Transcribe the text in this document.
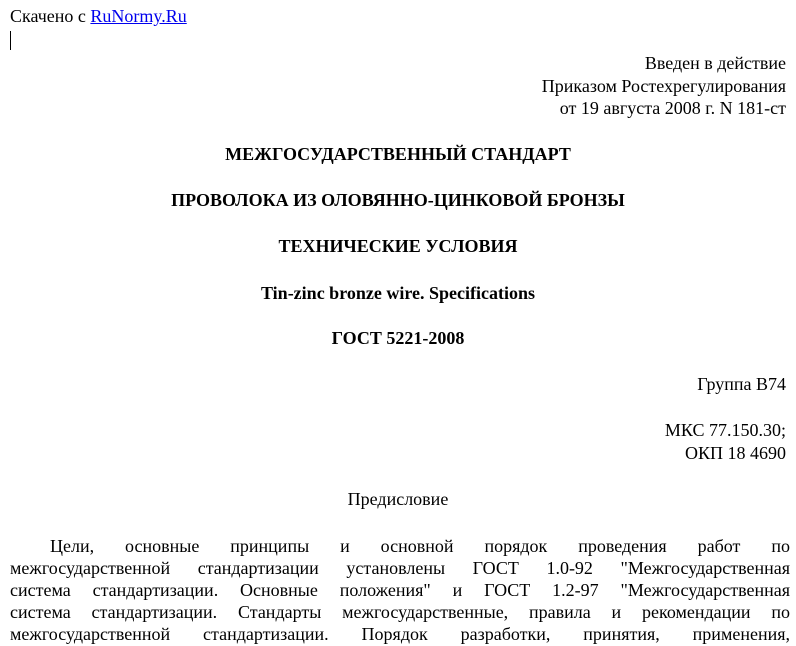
Скачено с RuNormy.Ru
Введен в действие
Приказом Ростехрегулирования
от 19 августа 2008 г. N 181-ст
МЕЖГОСУДАРСТВЕННЫЙ СТАНДАРТ
ПРОВОЛОКА ИЗ ОЛОВЯННО-ЦИНКОВОЙ БРОНЗЫ
ТЕХНИЧЕСКИЕ УСЛОВИЯ
Tin-zinc bronze wire. Specifications
ГОСТ 5221-2008
Группа В74
МКС 77.150.30;
ОКП 18 4690
Предисловие
Цели, основные принципы и основной порядок проведения работ по
межгосударственной стандартизации установлены ГОСТ 1.0-92 "Межгосударственная
система стандартизации. Основные положения" и ГОСТ 1.2-97 "Межгосударственная
система стандартизации. Стандарты межгосударственные, правила и рекомендации по
межгосударственной стандартизации. Порядок разработки, принятия, применения,
